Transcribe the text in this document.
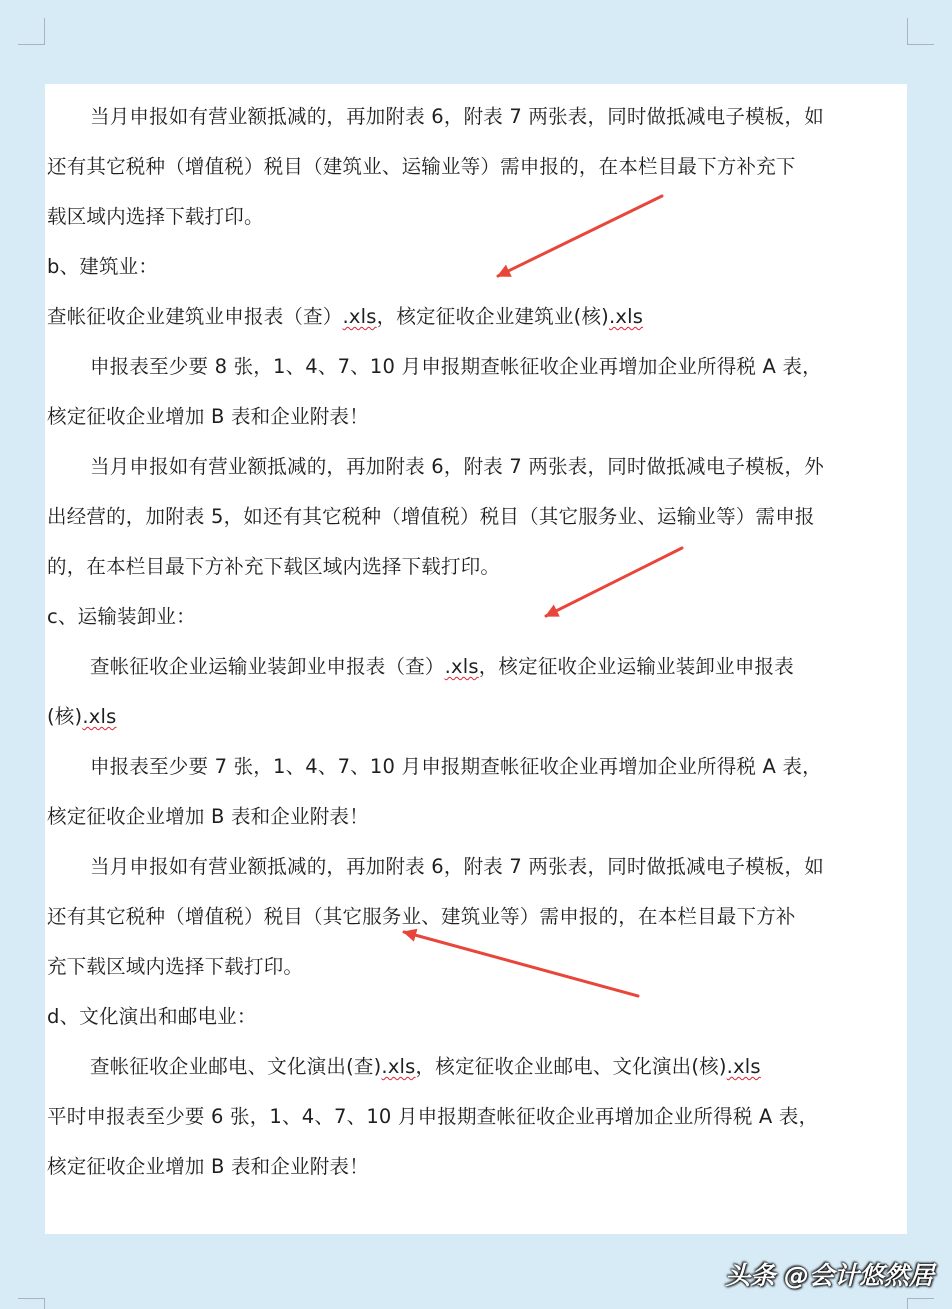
当月申报如有营业额抵减的，再加附表 6，附表 7 两张表，同时做抵减电子模板，如

还有其它税种（增值税）税目（建筑业、运输业等）需申报的，在本栏目最下方补充下

载区域内选择下载打印。

b、建筑业：

查帐征收企业建筑业申报表（查）.xls，核定征收企业建筑业(核).xls

申报表至少要 8 张，1、4、7、10 月申报期查帐征收企业再增加企业所得税 A 表，

核定征收企业增加 B 表和企业附表！

当月申报如有营业额抵减的，再加附表 6，附表 7 两张表，同时做抵减电子模板，外

出经营的，加附表 5，如还有其它税种（增值税）税目（其它服务业、运输业等）需申报

的，在本栏目最下方补充下载区域内选择下载打印。

c、运输装卸业：

查帐征收企业运输业装卸业申报表（查）.xls，核定征收企业运输业装卸业申报表

(核).xls

申报表至少要 7 张，1、4、7、10 月申报期查帐征收企业再增加企业所得税 A 表，

核定征收企业增加 B 表和企业附表！

当月申报如有营业额抵减的，再加附表 6，附表 7 两张表，同时做抵减电子模板，如

还有其它税种（增值税）税目（其它服务业、建筑业等）需申报的，在本栏目最下方补

充下载区域内选择下载打印。

d、文化演出和邮电业：

查帐征收企业邮电、文化演出(查).xls，核定征收企业邮电、文化演出(核).xls

平时申报表至少要 6 张，1、4、7、10 月申报期查帐征收企业再增加企业所得税 A 表，

核定征收企业增加 B 表和企业附表！

头条 @会计悠然居
